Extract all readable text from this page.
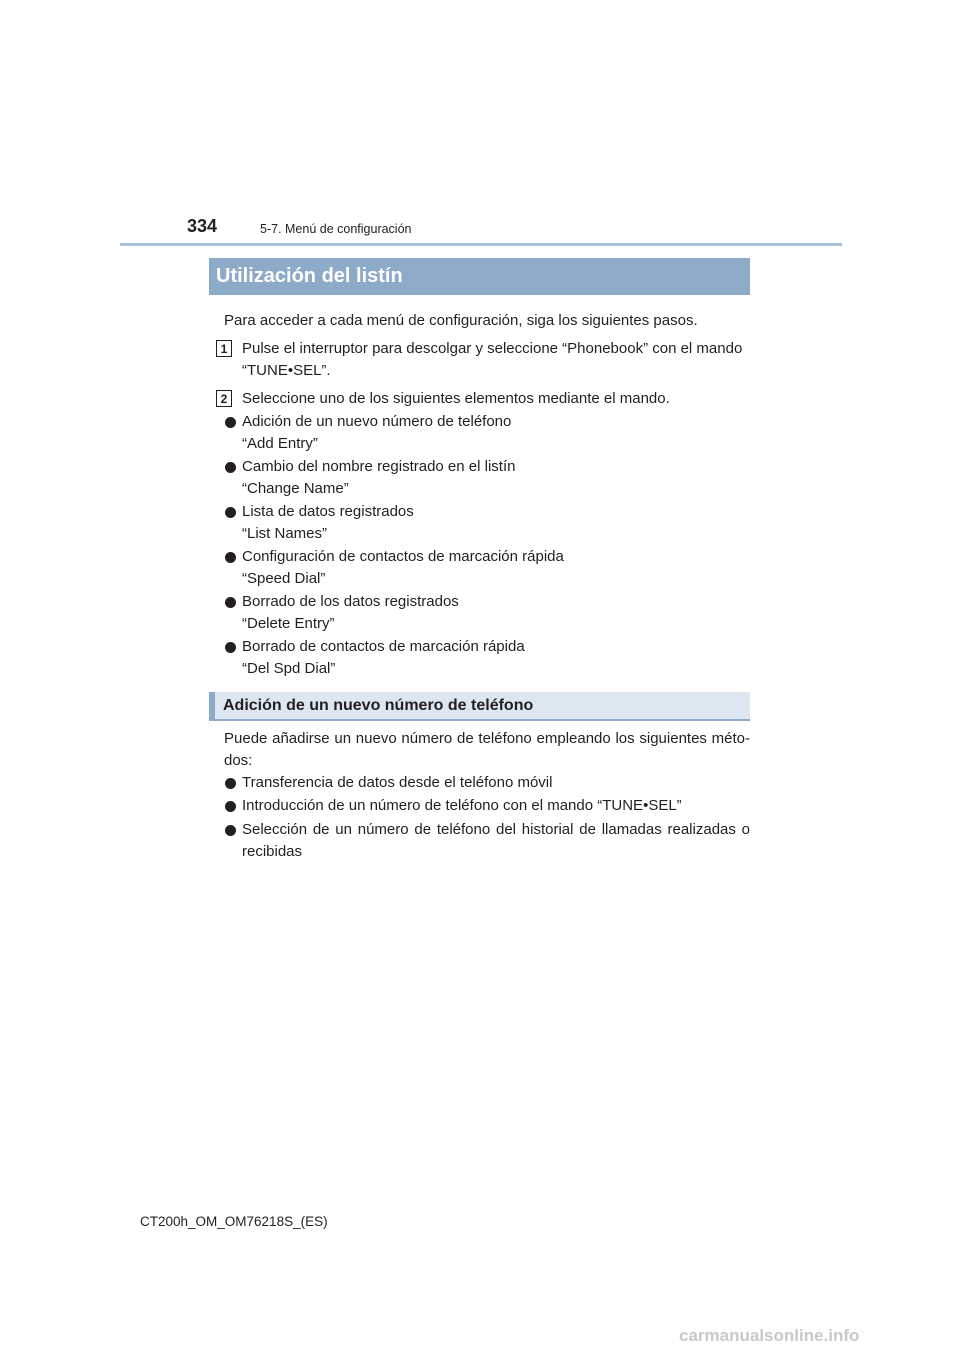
334	5-7. Menú de configuración
Utilización del listín
Para acceder a cada menú de configuración, siga los siguientes pasos.
1 Pulse el interruptor para descolgar y seleccione “Phonebook” con el mando
“TUNE•SEL”.
2 Seleccione uno de los siguientes elementos mediante el mando.
Adición de un nuevo número de teléfono
“Add Entry”
Cambio del nombre registrado en el listín
“Change Name”
Lista de datos registrados
“List Names”
Configuración de contactos de marcación rápida
“Speed Dial”
Borrado de los datos registrados
“Delete Entry”
Borrado de contactos de marcación rápida
“Del Spd Dial”
Adición de un nuevo número de teléfono
Puede añadirse un nuevo número de teléfono empleando los siguientes méto-dos:
Transferencia de datos desde el teléfono móvil
Introducción de un número de teléfono con el mando “TUNE•SEL”
Selección de un número de teléfono del historial de llamadas realizadas o recibidas
CT200h_OM_OM76218S_(ES)
carmanualsonline.info
